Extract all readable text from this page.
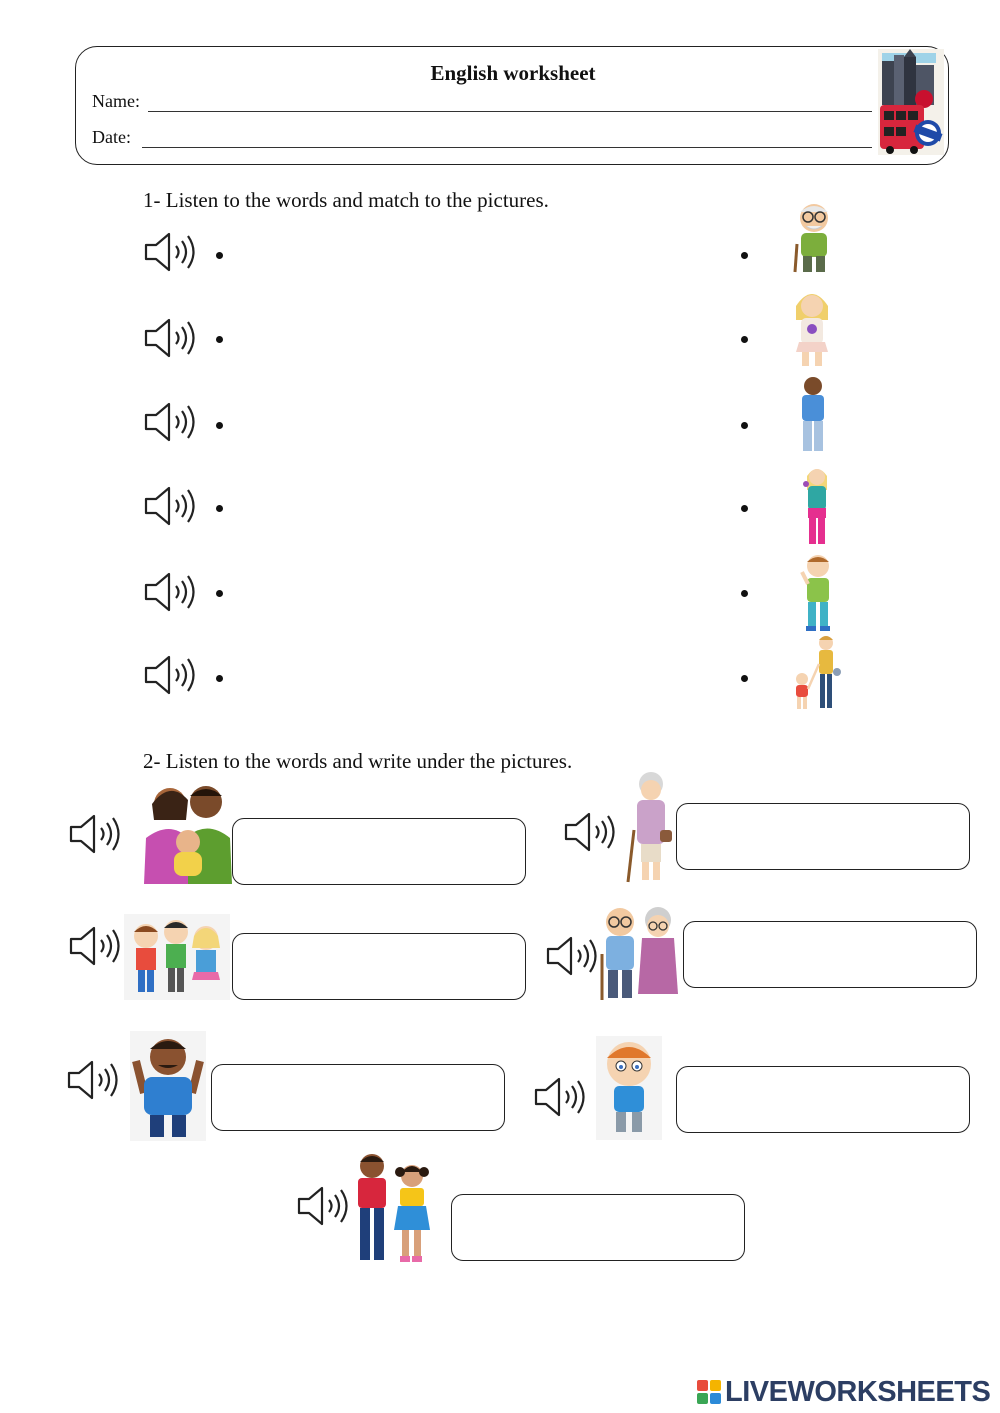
English worksheet
Name:
Date:
1- Listen to the words and match to the pictures.
2- Listen to the words and write under the pictures.
LIVEWORKSHEETS
